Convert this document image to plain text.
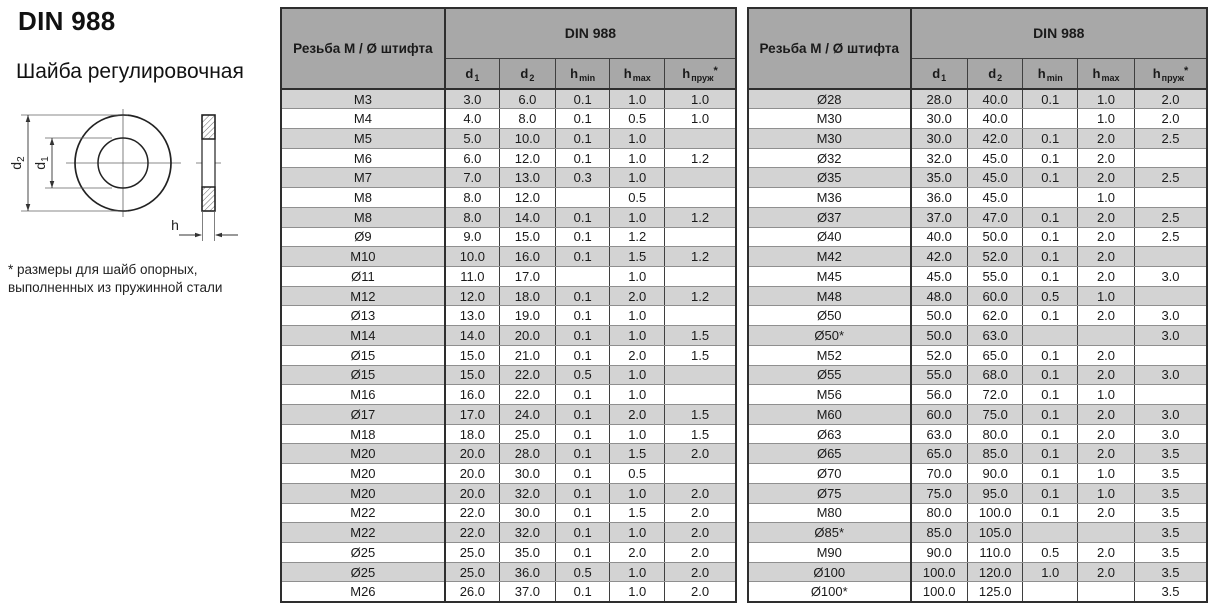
DIN 988
Шайба регулировочная
$d_2$
$d_1$
h
* размеры для шайб опорных,
выполненных из пружинной стали
Резьба М / Ø штифта	DIN 988				
	$d_1$	$d_2$	$h_{min}$	$h_{max}$	$h_{пруж}^*$
M3	3.0	6.0	0.1	1.0	1.0
M4	4.0	8.0	0.1	0.5	1.0
M5	5.0	10.0	0.1	1.0	
M6	6.0	12.0	0.1	1.0	1.2
M7	7.0	13.0	0.3	1.0	
M8	8.0	12.0		0.5	
M8	8.0	14.0	0.1	1.0	1.2
Ø9	9.0	15.0	0.1	1.2	
M10	10.0	16.0	0.1	1.5	1.2
Ø11	11.0	17.0		1.0	
M12	12.0	18.0	0.1	2.0	1.2
Ø13	13.0	19.0	0.1	1.0	
M14	14.0	20.0	0.1	1.0	1.5
Ø15	15.0	21.0	0.1	2.0	1.5
Ø15	15.0	22.0	0.5	1.0	
M16	16.0	22.0	0.1	1.0	
Ø17	17.0	24.0	0.1	2.0	1.5
M18	18.0	25.0	0.1	1.0	1.5
M20	20.0	28.0	0.1	1.5	2.0
M20	20.0	30.0	0.1	0.5	
M20	20.0	32.0	0.1	1.0	2.0
M22	22.0	30.0	0.1	1.5	2.0
M22	22.0	32.0	0.1	1.0	2.0
Ø25	25.0	35.0	0.1	2.0	2.0
Ø25	25.0	36.0	0.5	1.0	2.0
M26	26.0	37.0	0.1	1.0	2.0
Резьба М / Ø штифта	DIN 988				
	$d_1$	$d_2$	$h_{min}$	$h_{max}$	$h_{пруж}^*$
Ø28	28.0	40.0	0.1	1.0	2.0
M30	30.0	40.0		1.0	2.0
M30	30.0	42.0	0.1	2.0	2.5
Ø32	32.0	45.0	0.1	2.0	
Ø35	35.0	45.0	0.1	2.0	2.5
M36	36.0	45.0		1.0	
Ø37	37.0	47.0	0.1	2.0	2.5
Ø40	40.0	50.0	0.1	2.0	2.5
M42	42.0	52.0	0.1	2.0	
M45	45.0	55.0	0.1	2.0	3.0
M48	48.0	60.0	0.5	1.0	
Ø50	50.0	62.0	0.1	2.0	3.0
Ø50*	50.0	63.0			3.0
M52	52.0	65.0	0.1	2.0	
Ø55	55.0	68.0	0.1	2.0	3.0
M56	56.0	72.0	0.1	1.0	
M60	60.0	75.0	0.1	2.0	3.0
Ø63	63.0	80.0	0.1	2.0	3.0
Ø65	65.0	85.0	0.1	2.0	3.5
Ø70	70.0	90.0	0.1	1.0	3.5
Ø75	75.0	95.0	0.1	1.0	3.5
M80	80.0	100.0	0.1	2.0	3.5
Ø85*	85.0	105.0			3.5
M90	90.0	110.0	0.5	2.0	3.5
Ø100	100.0	120.0	1.0	2.0	3.5
Ø100*	100.0	125.0			3.5
